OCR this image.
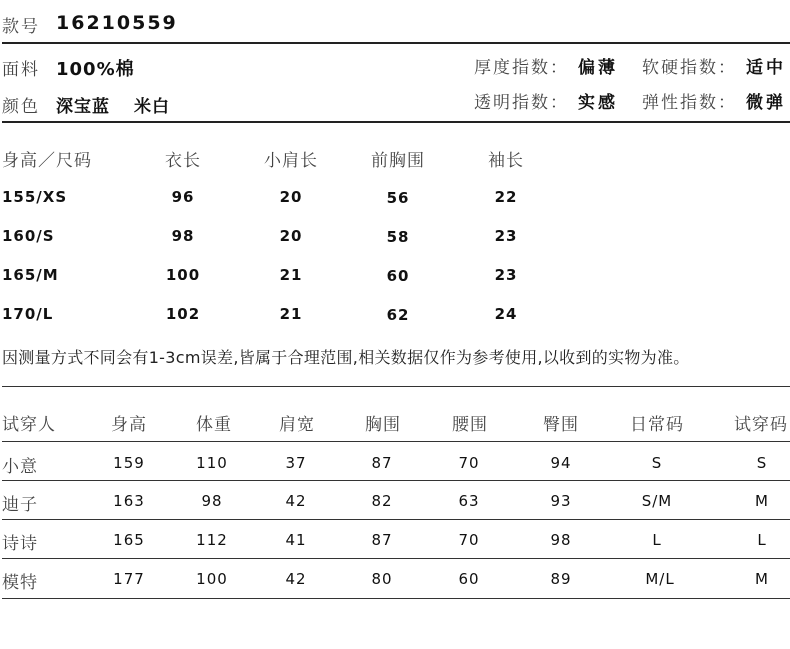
款号 16210559
面料 100%棉
颜色 深宝蓝 米白
厚度指数： 偏薄 软硬指数： 适中
透明指数： 实感 弹性指数： 微弹
身高／尺码	衣长	小肩长	前胸围	袖长
155/XS	96	20	56	22
160/S	98	20	58	23
165/M	100	21	60	23
170/L	102	21	62	24
因测量方式不同会有1-3cm误差,皆属于合理范围,相关数据仅作为参考使用,以收到的实物为准。
试穿人	身高	体重	肩宽	胸围	腰围	臀围	日常码	试穿码
小意	159	110	37	87	70	94	S	S
迪子	163	98	42	82	63	93	S/M	M
诗诗	165	112	41	87	70	98	L	L
模特	177	100	42	80	60	89	M/L	M
